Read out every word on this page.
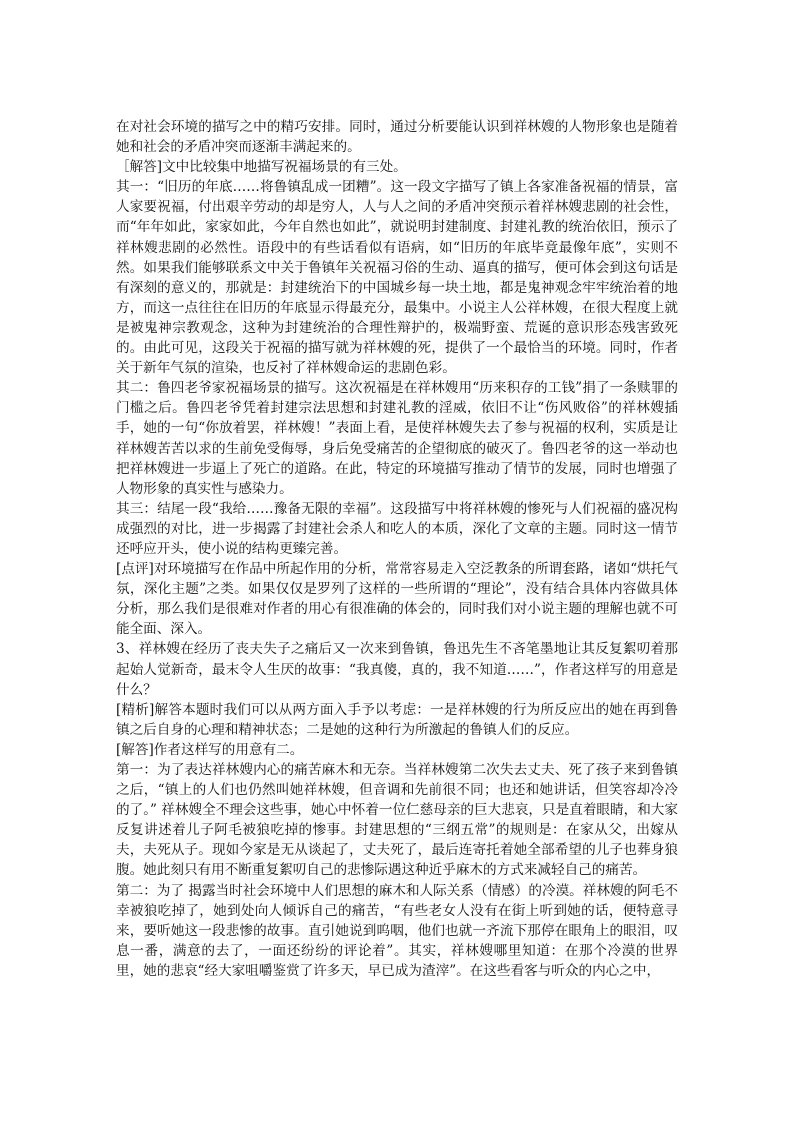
在对社会环境的描写之中的精巧安排。同时，通过分析要能认识到祥林嫂的人物形象也是随着她和社会的矛盾冲突而逐渐丰满起来的。

［解答]文中比较集中地描写祝福场景的有三处。

其一：“旧历的年底……将鲁镇乱成一团糟”。这一段文字描写了镇上各家准备祝福的情景，富人家要祝福，付出艰辛劳动的却是穷人，人与人之间的矛盾冲突预示着祥林嫂悲剧的社会性，而“年年如此，家家如此，今年自然也如此”，就说明封建制度、封建礼教的统治依旧，预示了祥林嫂悲剧的必然性。语段中的有些话看似有语病，如“旧历的年底毕竟最像年底”，实则不然。如果我们能够联系文中关于鲁镇年关祝福习俗的生动、逼真的描写，便可体会到这句话是有深刻的意义的，那就是：封建统治下的中国城乡每一块土地，都是鬼神观念牢牢统治着的地方，而这一点往往在旧历的年底显示得最充分，最集中。小说主人公祥林嫂，在很大程度上就是被鬼神宗教观念，这种为封建统治的合理性辩护的，极端野蛮、荒诞的意识形态残害致死的。由此可见，这段关于祝福的描写就为祥林嫂的死，提供了一个最恰当的环境。同时，作者关于新年气氛的渲染，也反衬了祥林嫂命运的悲剧色彩。

其二：鲁四老爷家祝福场景的描写。这次祝福是在祥林嫂用“历来积存的工钱”捐了一条赎罪的门槛之后。鲁四老爷凭着封建宗法思想和封建礼教的淫威，依旧不让“伤风败俗”的祥林嫂插手，她的一句“你放着罢，祥林嫂！”表面上看，是使祥林嫂失去了参与祝福的权利，实质是让祥林嫂苦苦以求的生前免受侮辱，身后免受痛苦的企望彻底的破灭了。鲁四老爷的这一举动也把祥林嫂进一步逼上了死亡的道路。在此，特定的环境描写推动了情节的发展，同时也增强了人物形象的真实性与感染力。

其三：结尾一段“我给……豫备无限的幸福”。这段描写中将祥林嫂的惨死与人们祝福的盛况构成强烈的对比，进一步揭露了封建社会杀人和吃人的本质，深化了文章的主题。同时这一情节还呼应开头，使小说的结构更臻完善。

[点评]对环境描写在作品中所起作用的分析，常常容易走入空泛教条的所谓套路，诸如“烘托气氛，深化主题”之类。如果仅仅是罗列了这样的一些所谓的“理论”，没有结合具体内容做具体分析，那么我们是很难对作者的用心有很准确的体会的，同时我们对小说主题的理解也就不可能全面、深入。

3、祥林嫂在经历了丧夫失子之痛后又一次来到鲁镇，鲁迅先生不吝笔墨地让其反复絮叨着那起始人觉新奇，最末令人生厌的故事：“我真傻，真的，我不知道……”，作者这样写的用意是什么？

[精析]解答本题时我们可以从两方面入手予以考虑：一是祥林嫂的行为所反应出的她在再到鲁镇之后自身的心理和精神状态；二是她的这种行为所激起的鲁镇人们的反应。

[解答]作者这样写的用意有二。

第一：为了表达祥林嫂内心的痛苦麻木和无奈。当祥林嫂第二次失去丈夫、死了孩子来到鲁镇之后，“镇上的人们也仍然叫她祥林嫂，但音调和先前很不同；也还和她讲话，但笑容却冷冷的了。” 祥林嫂全不理会这些事，她心中怀着一位仁慈母亲的巨大悲哀，只是直着眼睛，和大家反复讲述着儿子阿毛被狼吃掉的惨事。封建思想的“三纲五常”的规则是：在家从父，出嫁从夫，夫死从子。现如今家是无从谈起了，丈夫死了，最后连寄托着她全部希望的儿子也葬身狼腹。她此刻只有用不断重复絮叨自己的悲惨际遇这种近乎麻木的方式来减轻自己的痛苦。

第二：为了 揭露当时社会环境中人们思想的麻木和人际关系（情感）的冷漠。祥林嫂的阿毛不幸被狼吃掉了，她到处向人倾诉自己的痛苦，“有些老女人没有在街上听到她的话，便特意寻来，要听她这一段悲惨的故事。直引她说到呜咽，他们也就一齐流下那停在眼角上的眼泪，叹息一番，满意的去了，一面还纷纷的评论着”。其实，祥林嫂哪里知道：在那个冷漠的世界里，她的悲哀“经大家咀嚼鉴赏了许多天，早已成为渣滓”。在这些看客与听众的内心之中，
